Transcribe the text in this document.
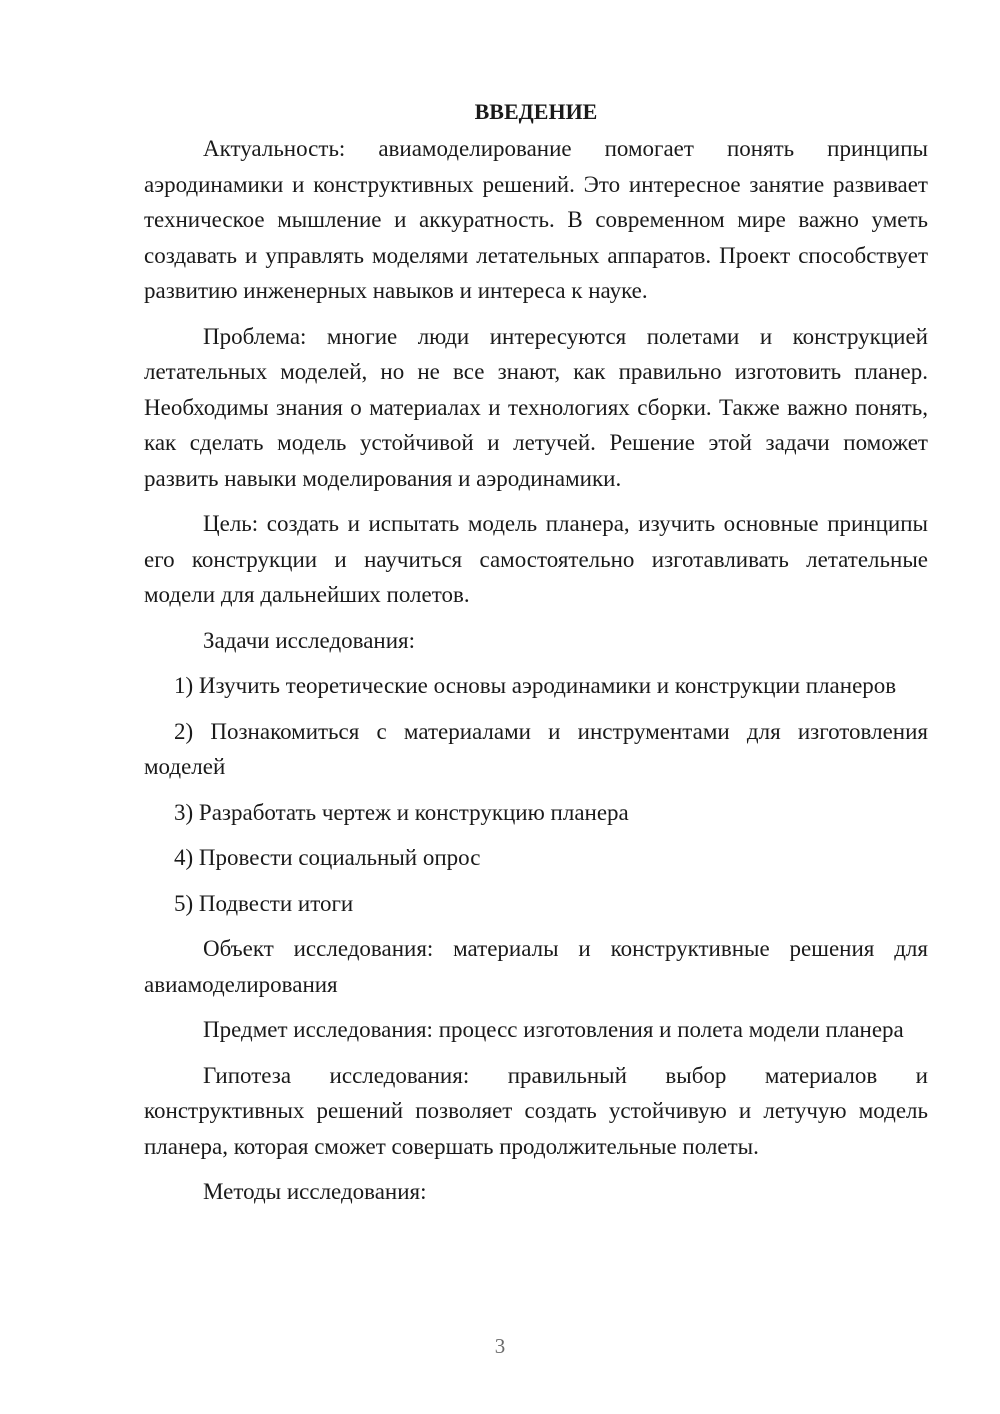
ВВЕДЕНИЕ

Актуальность: авиамоделирование помогает понять принципы аэродинамики и конструктивных решений. Это интересное занятие развивает техническое мышление и аккуратность. В современном мире важно уметь создавать и управлять моделями летательных аппаратов. Проект способствует развитию инженерных навыков и интереса к науке.

Проблема: многие люди интересуются полетами и конструкцией летательных моделей, но не все знают, как правильно изготовить планер. Необходимы знания о материалах и технологиях сборки. Также важно понять, как сделать модель устойчивой и летучей. Решение этой задачи поможет развить навыки моделирования и аэродинамики.

Цель: создать и испытать модель планера, изучить основные принципы его конструкции и научиться самостоятельно изготавливать летательные модели для дальнейших полетов.

Задачи исследования:

1) Изучить теоретические основы аэродинамики и конструкции планеров

2) Познакомиться с материалами и инструментами для изготовления моделей

3) Разработать чертеж и конструкцию планера

4) Провести социальный опрос

5) Подвести итоги

Объект исследования: материалы и конструктивные решения для авиамоделирования

Предмет исследования: процесс изготовления и полета модели планера

Гипотеза исследования: правильный выбор материалов и конструктивных решений позволяет создать устойчивую и летучую модель планера, которая сможет совершать продолжительные полеты.

Методы исследования:

3
